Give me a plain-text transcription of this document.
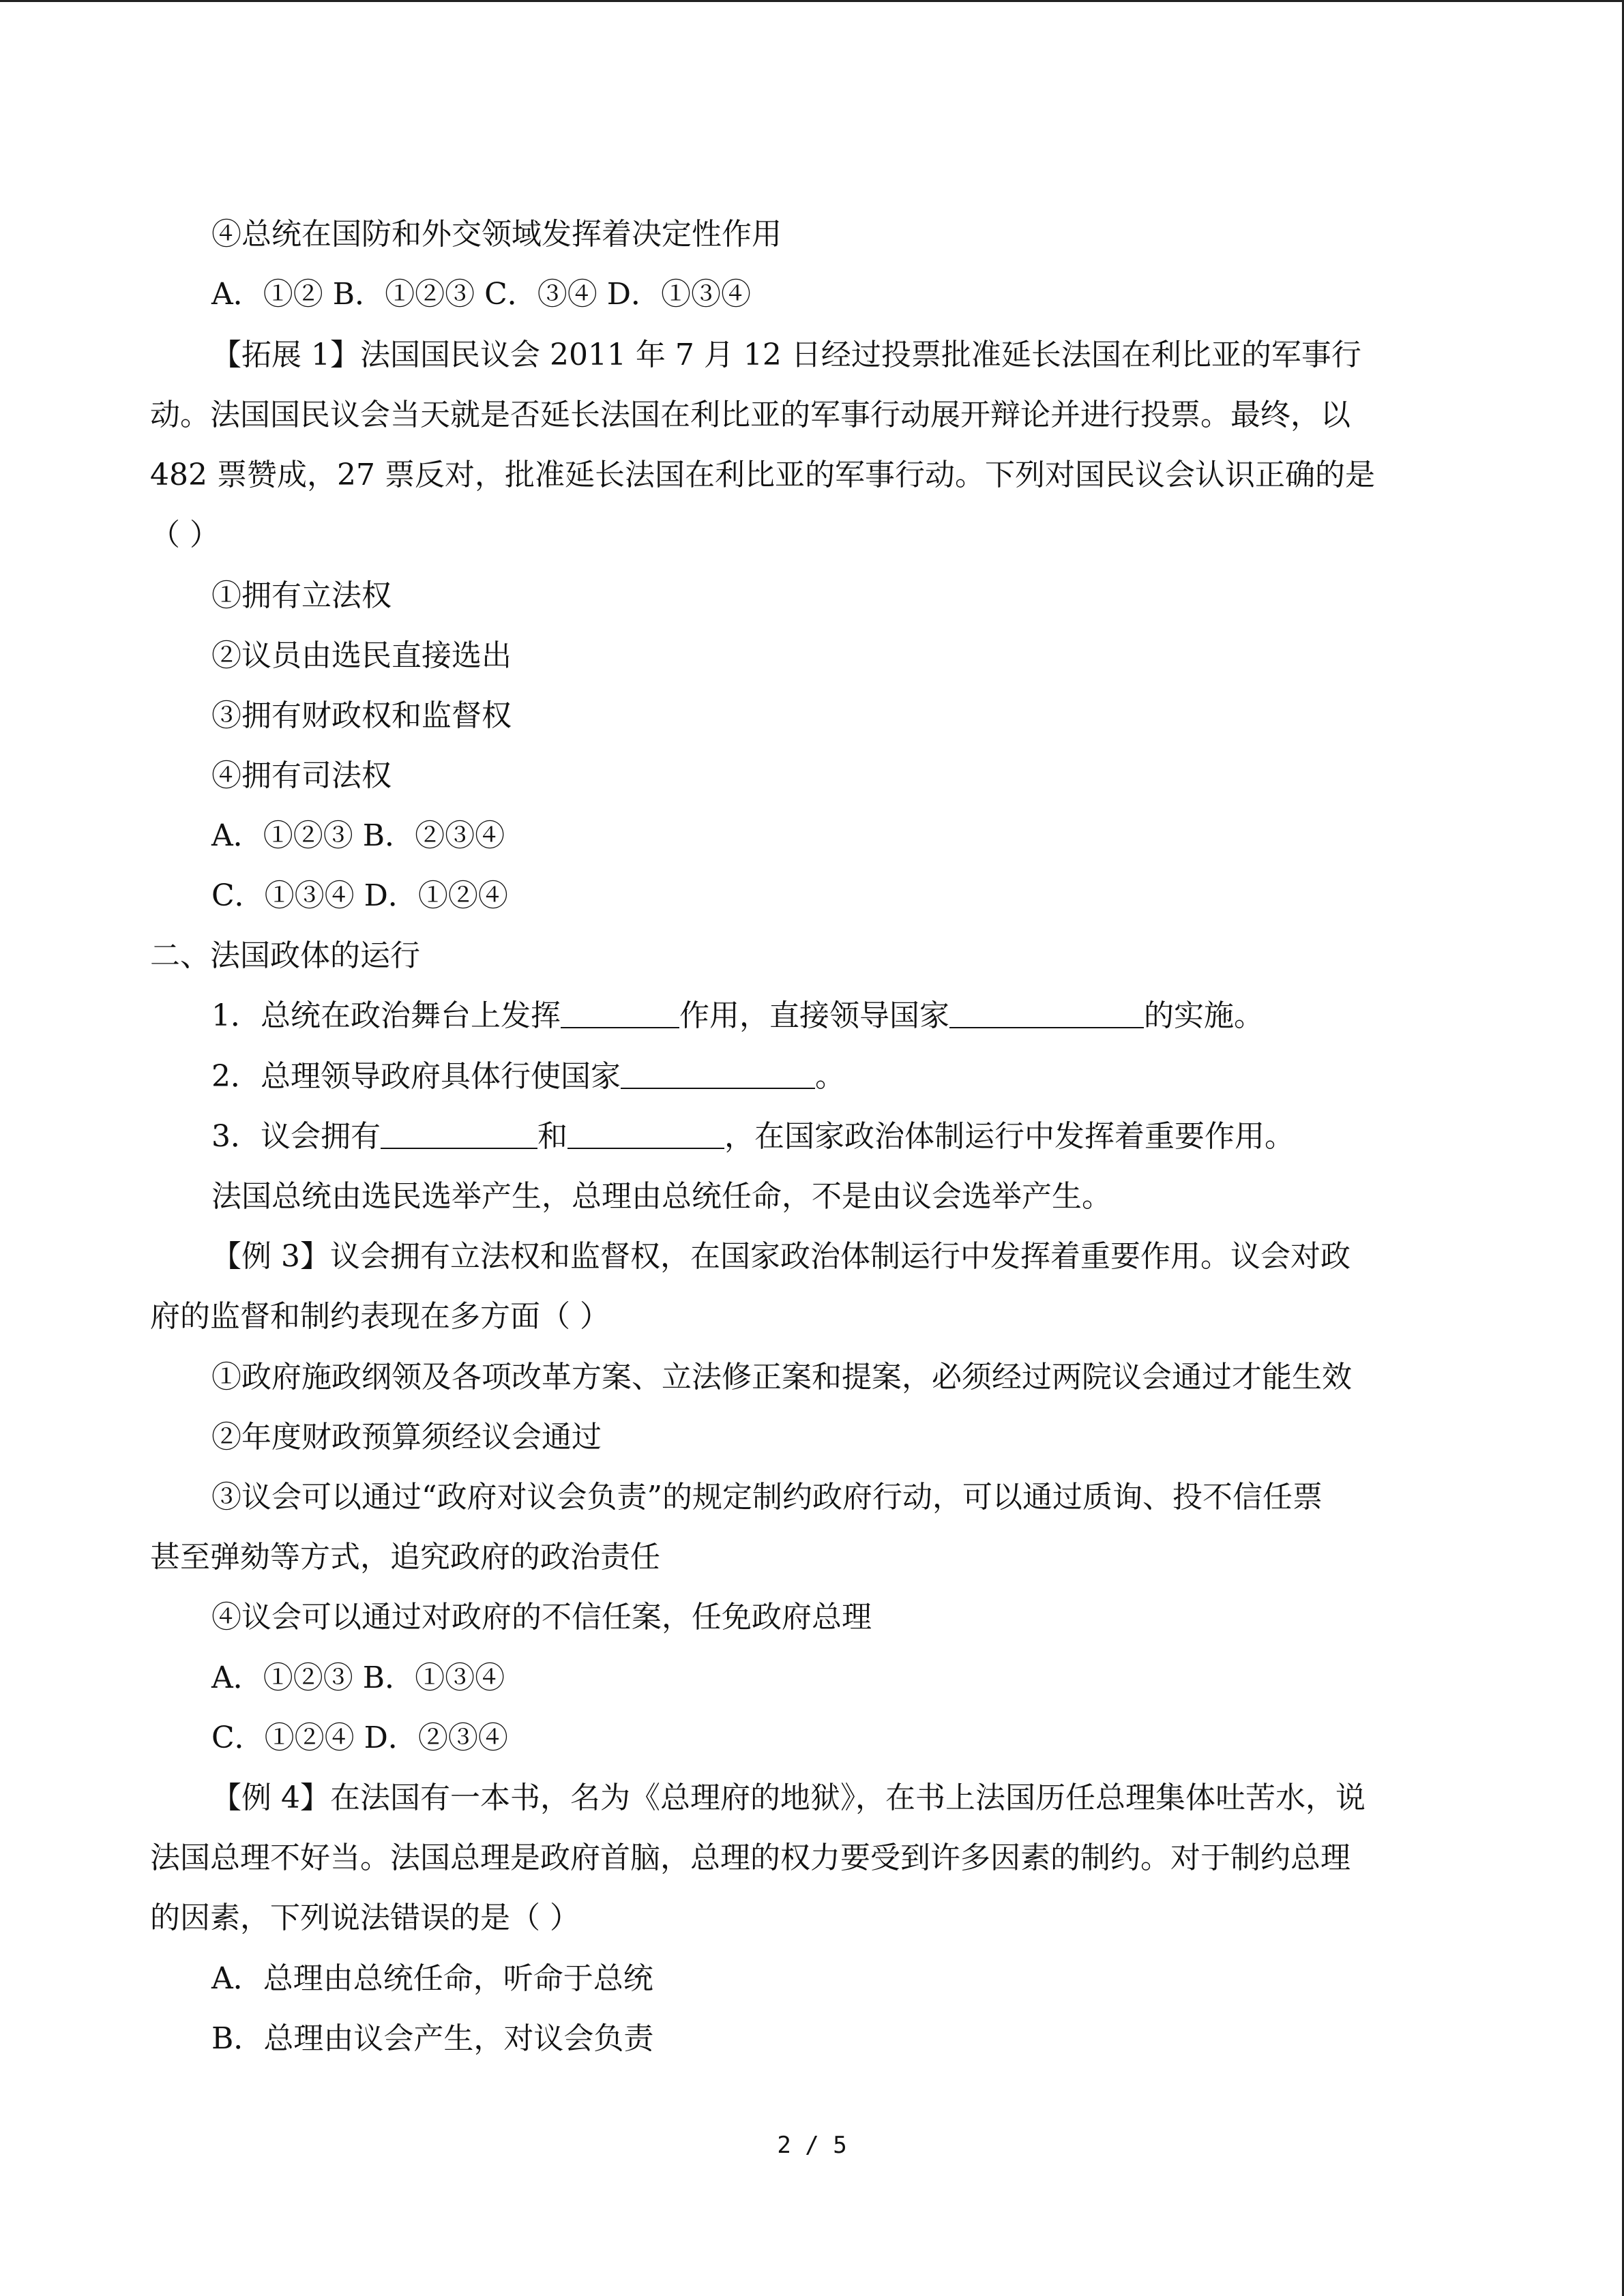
④总统在国防和外交领域发挥着决定性作用
A．①② B．①②③ C．③④ D．①③④
【拓展 1】法国国民议会 2011 年 7 月 12 日经过投票批准延长法国在利比亚的军事行
动。法国国民议会当天就是否延长法国在利比亚的军事行动展开辩论并进行投票。最终，以
482 票赞成，27 票反对，批准延长法国在利比亚的军事行动。下列对国民议会认识正确的是
（ ）
①拥有立法权
②议员由选民直接选出
③拥有财政权和监督权
④拥有司法权
A．①②③ B．②③④
C．①③④ D．①②④
二、法国政体的运行
1．总统在政治舞台上发挥	作用，直接领导国家	的实施。
2．总理领导政府具体行使国家	。
3．议会拥有	和	，在国家政治体制运行中发挥着重要作用。
法国总统由选民选举产生，总理由总统任命，不是由议会选举产生。
【例 3】议会拥有立法权和监督权，在国家政治体制运行中发挥着重要作用。议会对政
府的监督和制约表现在多方面（ ）
①政府施政纲领及各项改革方案、立法修正案和提案，必须经过两院议会通过才能生效
②年度财政预算须经议会通过
③议会可以通过“政府对议会负责”的规定制约政府行动，可以通过质询、投不信任票
甚至弹劾等方式，追究政府的政治责任
④议会可以通过对政府的不信任案，任免政府总理
A．①②③ B．①③④
C．①②④ D．②③④
【例 4】在法国有一本书，名为《总理府的地狱》，在书上法国历任总理集体吐苦水，说
法国总理不好当。法国总理是政府首脑，总理的权力要受到许多因素的制约。对于制约总理
的因素，下列说法错误的是（ ）
A．总理由总统任命，听命于总统
B．总理由议会产生，对议会负责
2 / 5
